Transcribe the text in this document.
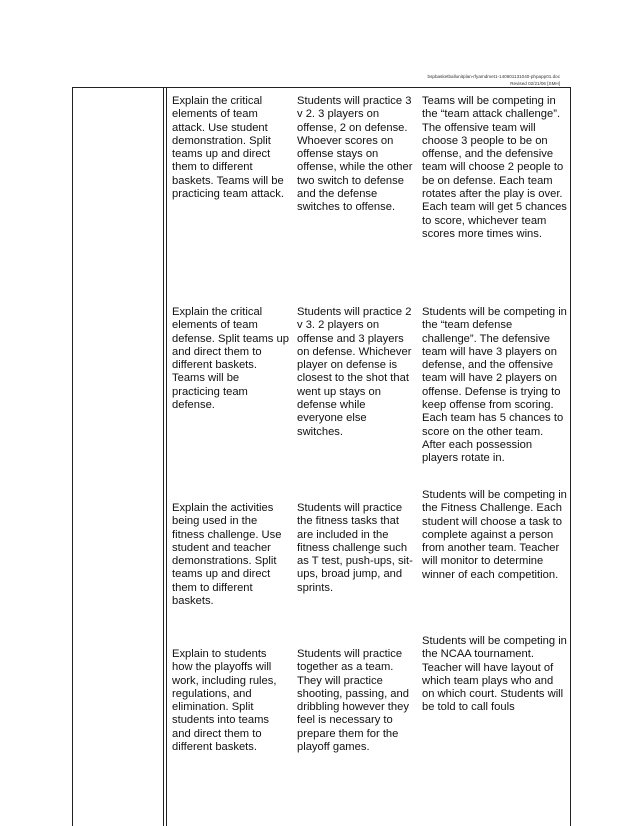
bspbasketballunitplan-rfyamdmet1-140601131040-phpapp01.doc
Revised 02/21/06 [SMH]
Explain the critical elements of team attack. Use student demonstration. Split teams up and direct them to different baskets. Teams will be practicing team attack.
Students will practice 3 v 2. 3 players on offense, 2 on defense. Whoever scores on offense stays on offense, while the other two switch to defense and the defense switches to offense.
Teams will be competing in the “team attack challenge”. The offensive team will choose 3 people to be on offense, and the defensive team will choose 2 people to be on defense. Each team rotates after the play is over. Each team will get 5 chances to score, whichever team scores more times wins.
Explain the critical elements of team defense. Split teams up and direct them to different baskets. Teams will be practicing team defense.
Students will practice 2 v 3. 2 players on offense and 3 players on defense. Whichever player on defense is closest to the shot that went up stays on defense while everyone else switches.
Students will be competing in the “team defense challenge”. The defensive team will have 3 players on defense, and the offensive team will have 2 players on offense. Defense is trying to keep offense from scoring. Each team has 5 chances to score on the other team. After each possession players rotate in.
Explain the activities being used in the fitness challenge. Use student and teacher demonstrations. Split teams up and direct them to different baskets.
Students will practice the fitness tasks that are included in the fitness challenge such as T test, push-ups, sit-ups, broad jump, and sprints.
Students will be competing in the Fitness Challenge. Each student will choose a task to complete against a person from another team. Teacher will monitor to determine winner of each competition.
Explain to students how the playoffs will work, including rules, regulations, and elimination. Split students into teams and direct them to different baskets.
Students will practice together as a team. They will practice shooting, passing, and dribbling however they feel is necessary to prepare them for the playoff games.
Students will be competing in the NCAA tournament. Teacher will have layout of which team plays who and on which court. Students will be told to call fouls
